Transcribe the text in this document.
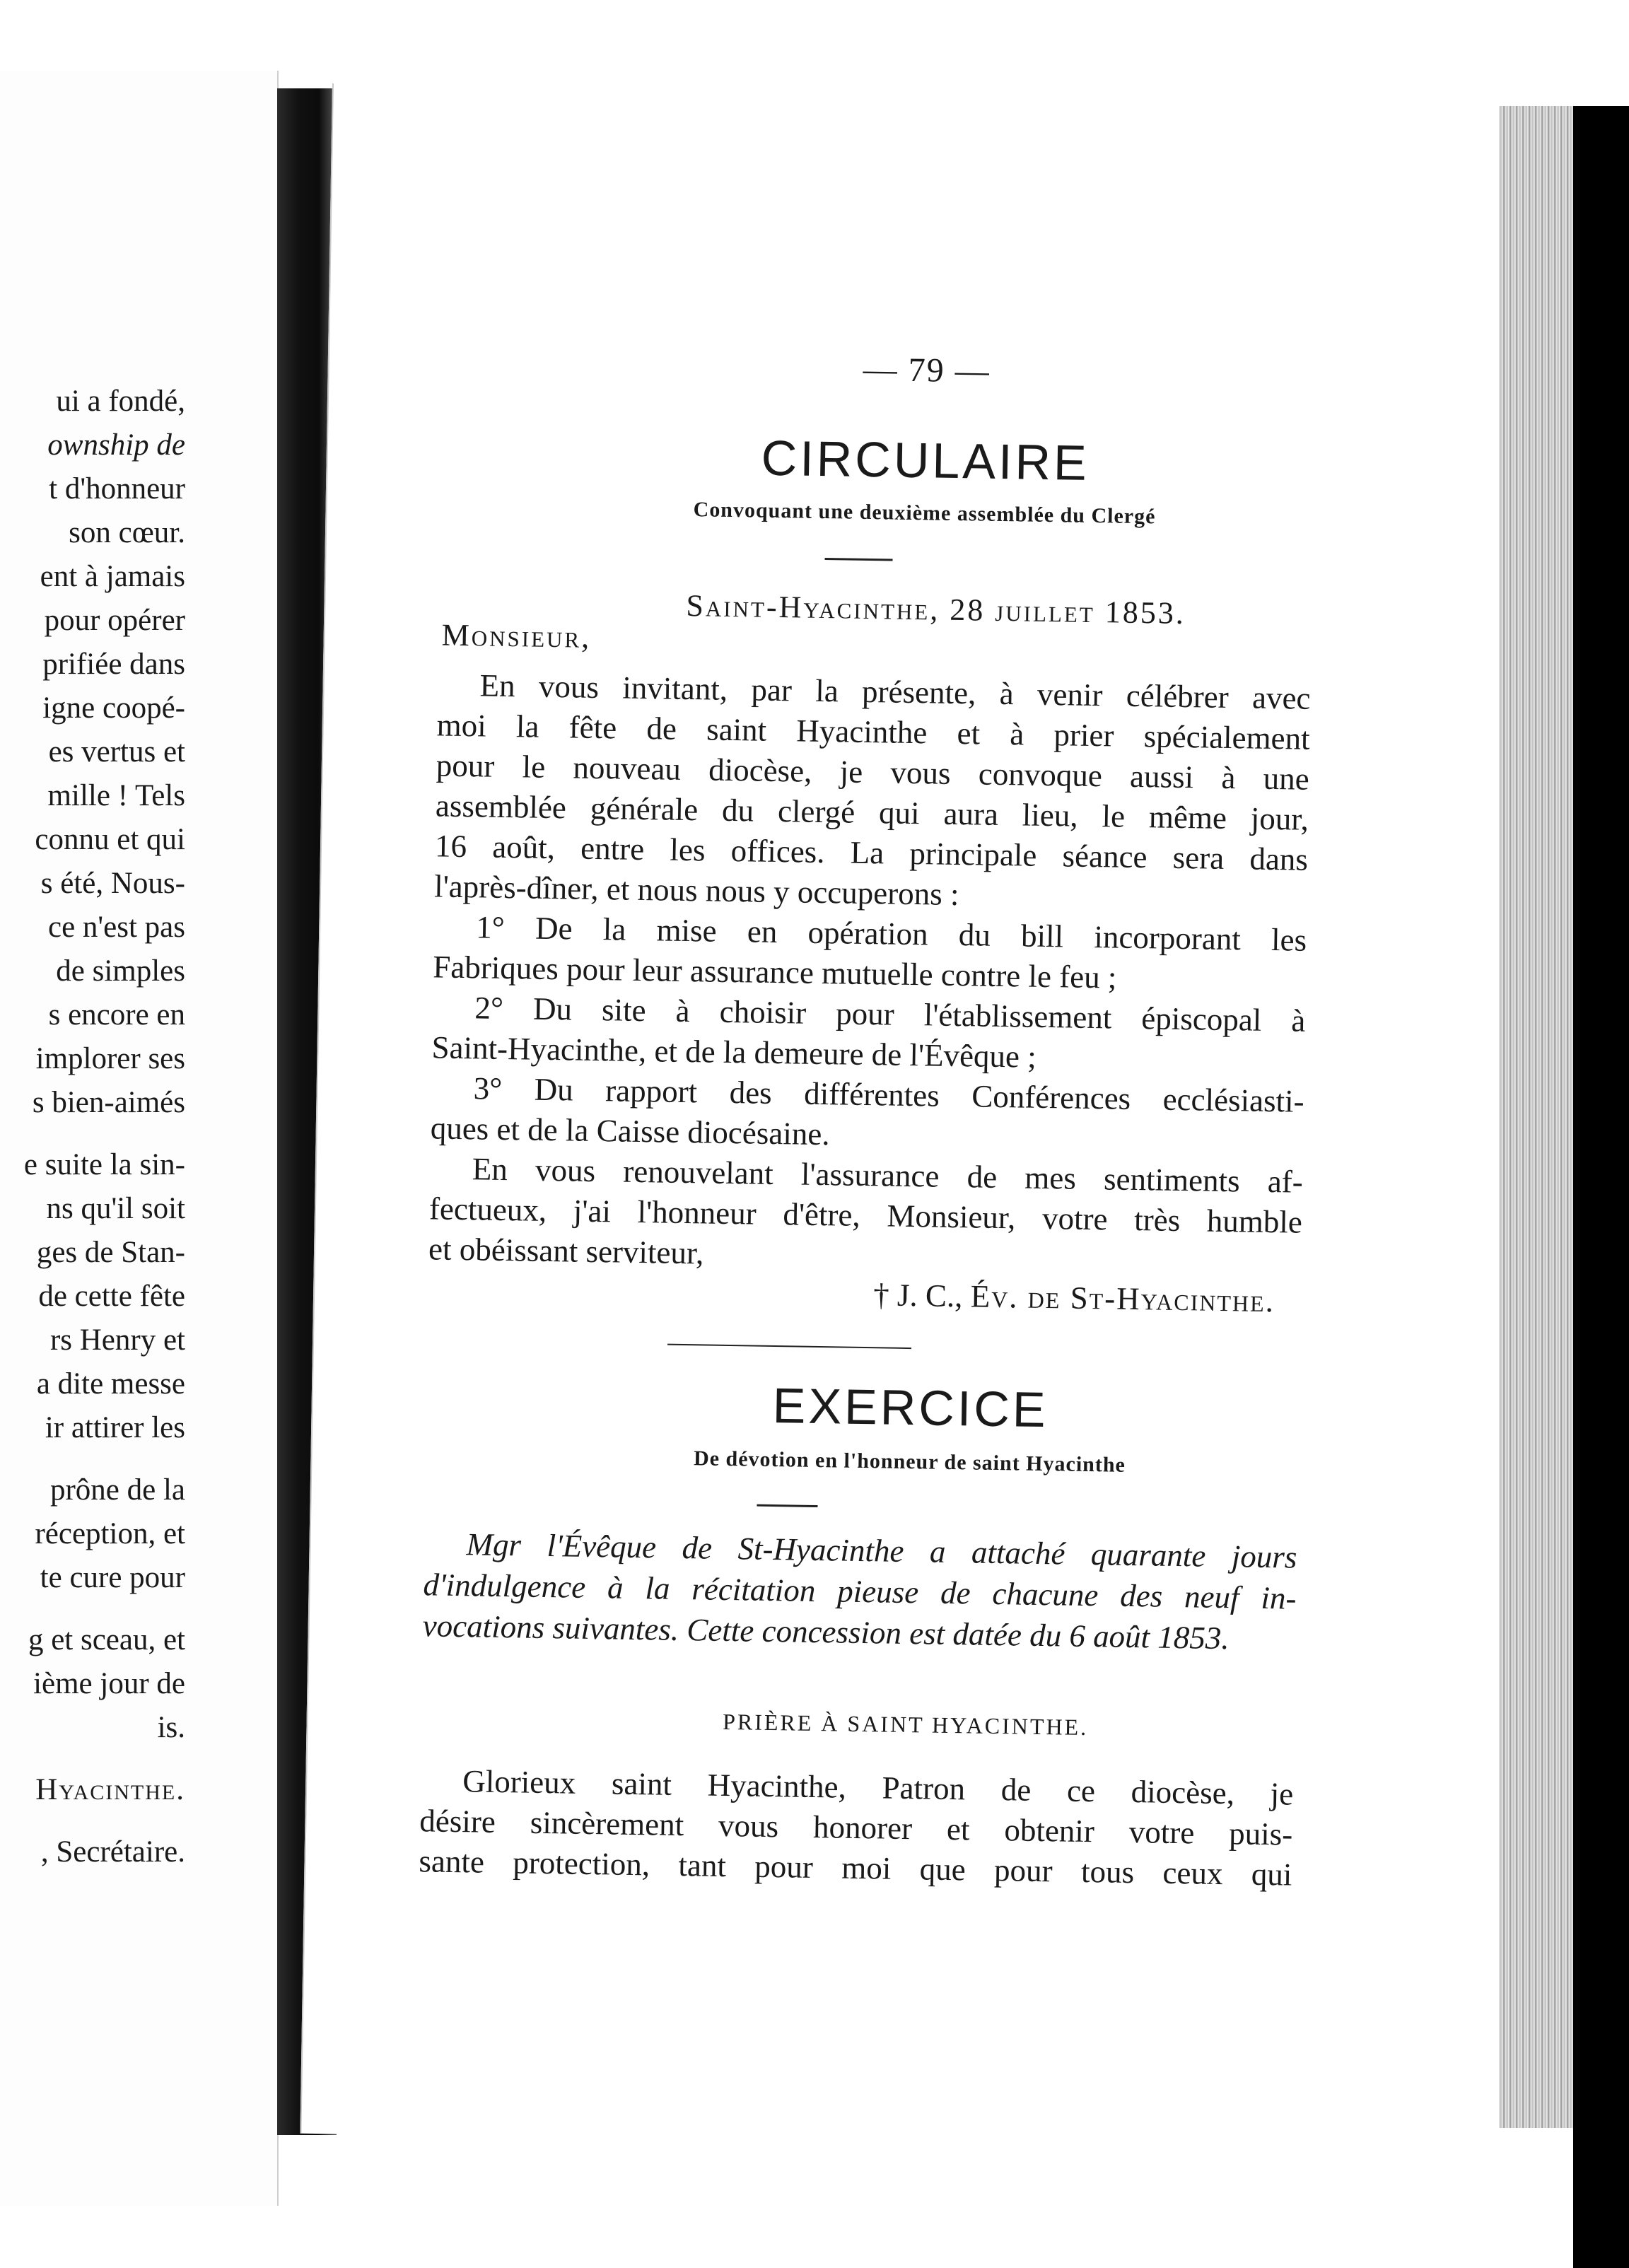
ui a fondé,
ownship de
t d'honneur
son cœur.
ent à jamais
pour opérer
prifiée dans
igne coopé-
es vertus et
mille ! Tels
connu et qui
s été, Nous-
ce n'est pas
de simples
s encore en
implorer ses
s bien-aimés
e suite la sin-
ns qu'il soit
ges de Stan-
de cette fête
rs Henry et
a dite messe
ir attirer les
prône de la
réception, et
te cure pour
g et sceau, et
ième jour de
is.
Hyacinthe.
, Secrétaire.
— 79 —
CIRCULAIRE
Convoquant une deuxième assemblée du Clergé
Saint-Hyacinthe, 28 juillet 1853.
Monsieur,
En vous invitant, par la présente, à venir célébrer avec
moi la fête de saint Hyacinthe et à prier spécialement
pour le nouveau diocèse, je vous convoque aussi à une
assemblée générale du clergé qui aura lieu, le même jour,
16 août, entre les offices. La principale séance sera dans
l'après-dîner, et nous nous y occuperons :
1° De la mise en opération du bill incorporant les
Fabriques pour leur assurance mutuelle contre le feu ;
2° Du site à choisir pour l'établissement épiscopal à
Saint-Hyacinthe, et de la demeure de l'Évêque ;
3° Du rapport des différentes Conférences ecclésiasti-
ques et de la Caisse diocésaine.
En vous renouvelant l'assurance de mes sentiments af-
fectueux, j'ai l'honneur d'être, Monsieur, votre très humble
et obéissant serviteur,
† J. C., Év. de St-Hyacinthe.
EXERCICE
De dévotion en l'honneur de saint Hyacinthe
Mgr l'Évêque de St-Hyacinthe a attaché quarante jours
d'indulgence à la récitation pieuse de chacune des neuf in-
vocations suivantes. Cette concession est datée du 6 août 1853.
PRIÈRE À SAINT HYACINTHE.
Glorieux saint Hyacinthe, Patron de ce diocèse, je
désire sincèrement vous honorer et obtenir votre puis-
sante protection, tant pour moi que pour tous ceux qui
